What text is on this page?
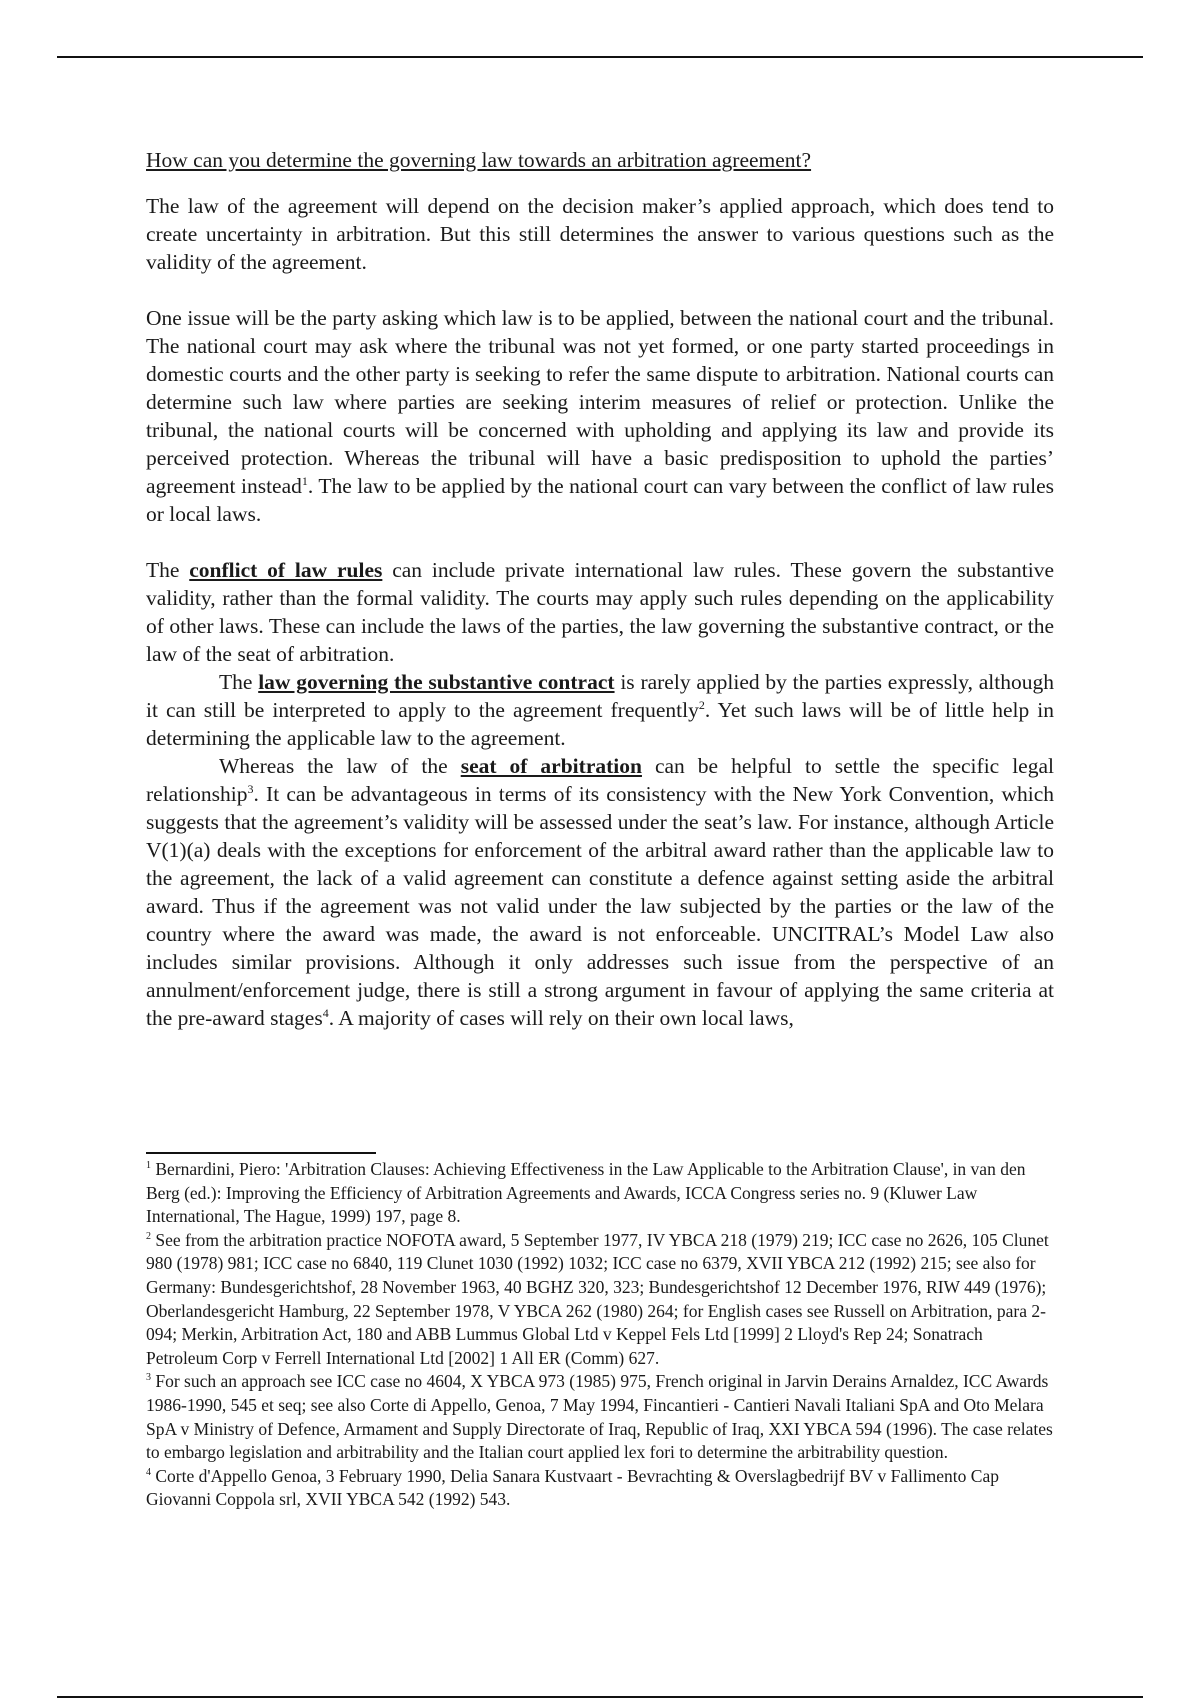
How can you determine the governing law towards an arbitration agreement?

The law of the agreement will depend on the decision maker’s applied approach, which does tend to create uncertainty in arbitration. But this still determines the answer to various questions such as the validity of the agreement.

One issue will be the party asking which law is to be applied, between the national court and the tribunal. The national court may ask where the tribunal was not yet formed, or one party started proceedings in domestic courts and the other party is seeking to refer the same dispute to arbitration. National courts can determine such law where parties are seeking interim measures of relief or protection. Unlike the tribunal, the national courts will be concerned with upholding and applying its law and provide its perceived protection. Whereas the tribunal will have a basic predisposition to uphold the parties’ agreement instead$^1$. The law to be applied by the national court can vary between the conflict of law rules or local laws.

The conflict of law rules can include private international law rules. These govern the substantive validity, rather than the formal validity. The courts may apply such rules depending on the applicability of other laws. These can include the laws of the parties, the law governing the substantive contract, or the law of the seat of arbitration.

The law governing the substantive contract is rarely applied by the parties expressly, although it can still be interpreted to apply to the agreement frequently$^2$. Yet such laws will be of little help in determining the applicable law to the agreement.

Whereas the law of the seat of arbitration can be helpful to settle the specific legal relationship$^3$. It can be advantageous in terms of its consistency with the New York Convention, which suggests that the agreement’s validity will be assessed under the seat’s law. For instance, although Article V(1)(a) deals with the exceptions for enforcement of the arbitral award rather than the applicable law to the agreement, the lack of a valid agreement can constitute a defence against setting aside the arbitral award. Thus if the agreement was not valid under the law subjected by the parties or the law of the country where the award was made, the award is not enforceable. UNCITRAL’s Model Law also includes similar provisions. Although it only addresses such issue from the perspective of an annulment/enforcement judge, there is still a strong argument in favour of applying the same criteria at the pre-award stages$^4$. A majority of cases will rely on their own local laws,

$^1$ Bernardini, Piero: 'Arbitration Clauses: Achieving Effectiveness in the Law Applicable to the Arbitration Clause', in van den Berg (ed.): Improving the Efficiency of Arbitration Agreements and Awards, ICCA Congress series no. 9 (Kluwer Law International, The Hague, 1999) 197, page 8.

$^2$ See from the arbitration practice NOFOTA award, 5 September 1977, IV YBCA 218 (1979) 219; ICC case no 2626, 105 Clunet 980 (1978) 981; ICC case no 6840, 119 Clunet 1030 (1992) 1032; ICC case no 6379, XVII YBCA 212 (1992) 215; see also for Germany: Bundesgerichtshof, 28 November 1963, 40 BGHZ 320, 323; Bundesgerichtshof 12 December 1976, RIW 449 (1976); Oberlandesgericht Hamburg, 22 September 1978, V YBCA 262 (1980) 264; for English cases see Russell on Arbitration, para 2-094; Merkin, Arbitration Act, 180 and ABB Lummus Global Ltd v Keppel Fels Ltd [1999] 2 Lloyd's Rep 24; Sonatrach Petroleum Corp v Ferrell International Ltd [2002] 1 All ER (Comm) 627.

$^3$ For such an approach see ICC case no 4604, X YBCA 973 (1985) 975, French original in Jarvin Derains Arnaldez, ICC Awards 1986-1990, 545 et seq; see also Corte di Appello, Genoa, 7 May 1994, Fincantieri - Cantieri Navali Italiani SpA and Oto Melara SpA v Ministry of Defence, Armament and Supply Directorate of Iraq, Republic of Iraq, XXI YBCA 594 (1996). The case relates to embargo legislation and arbitrability and the Italian court applied lex fori to determine the arbitrability question.

$^4$ Corte d'Appello Genoa, 3 February 1990, Delia Sanara Kustvaart - Bevrachting & Overslagbedrijf BV v Fallimento Cap Giovanni Coppola srl, XVII YBCA 542 (1992) 543.
